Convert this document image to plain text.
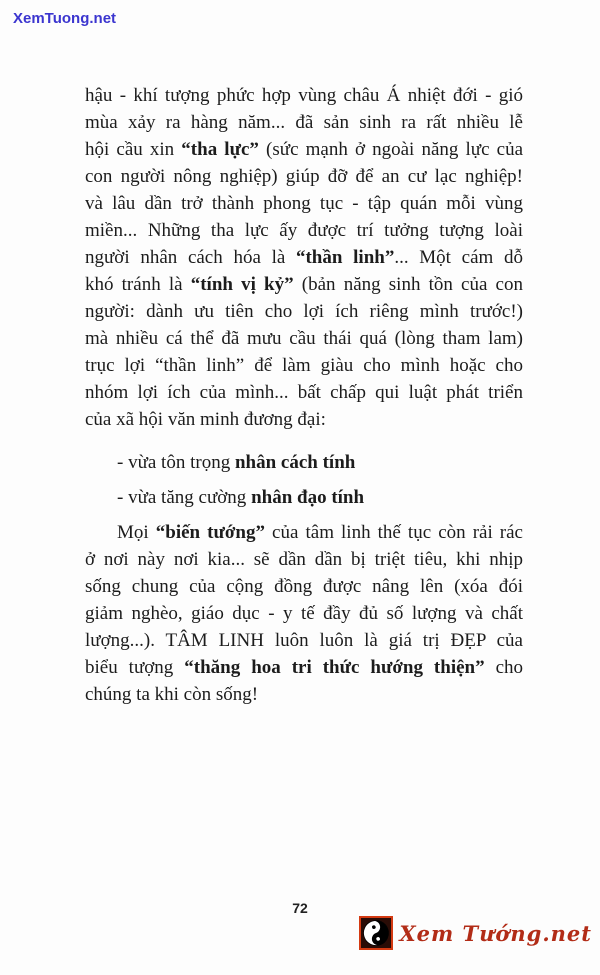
XemTuong.net
hậu - khí tượng phức hợp vùng châu Á nhiệt đới - gió
mùa xảy ra hàng năm... đã sản sinh ra rất nhiều lễ
hội cầu xin “tha lực” (sức mạnh ở ngoài năng lực của
con người nông nghiệp) giúp đỡ để an cư lạc nghiệp!
và lâu dần trở thành phong tục - tập quán mỗi vùng
miền... Những tha lực ấy được trí tưởng tượng loài
người nhân cách hóa là “thần linh”... Một cám dỗ
khó tránh là “tính vị kỷ” (bản năng sinh tồn của con
người: dành ưu tiên cho lợi ích riêng mình trước!)
mà nhiều cá thể đã mưu cầu thái quá (lòng tham lam)
trục lợi “thần linh” để làm giàu cho mình hoặc cho
nhóm lợi ích của mình... bất chấp qui luật phát triển
của xã hội văn minh đương đại:
- vừa tôn trọng nhân cách tính
- vừa tăng cường nhân đạo tính
Mọi “biến tướng” của tâm linh thế tục còn rải rác
ở nơi này nơi kia... sẽ dần dần bị triệt tiêu, khi nhịp
sống chung của cộng đồng được nâng lên (xóa đói
giảm nghèo, giáo dục - y tế đầy đủ số lượng và chất
lượng...). TÂM LINH luôn luôn là giá trị ĐẸP của
biểu tượng “thăng hoa tri thức hướng thiện” cho
chúng ta khi còn sống!
72
Xem Tướng.net
